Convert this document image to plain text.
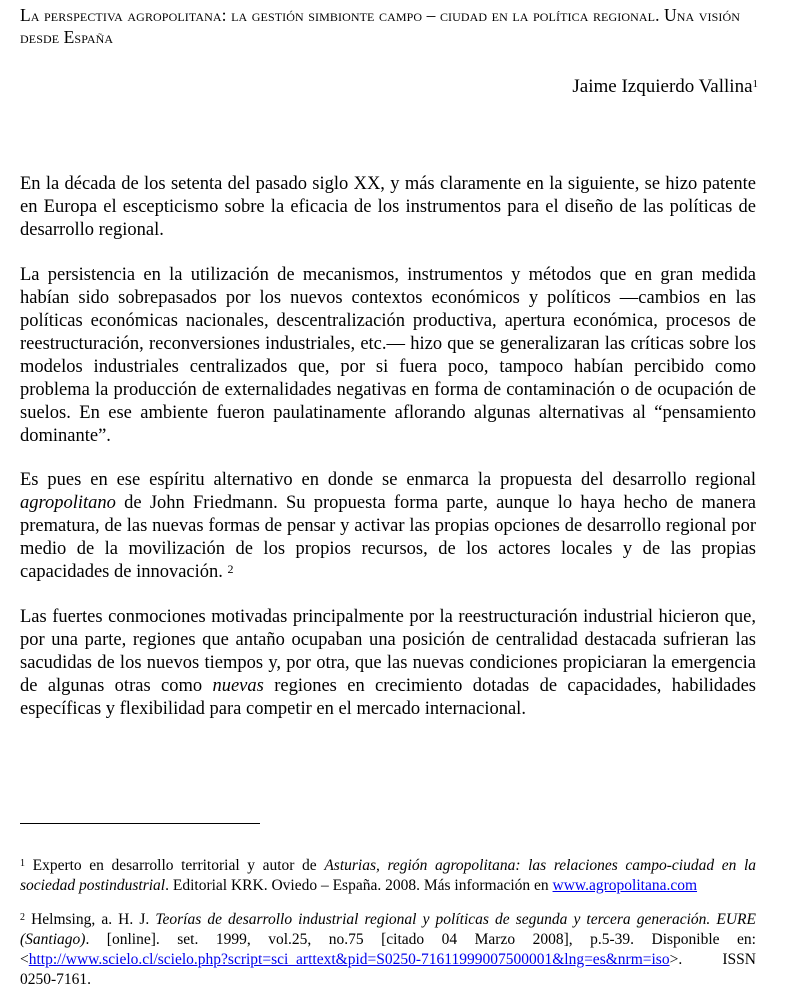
La perspectiva agropolitana: la gestión simbionte campo – ciudad en la política regional. Una visión desde España
Jaime Izquierdo Vallina$^1$

En la década de los setenta del pasado siglo XX, y más claramente en la siguiente, se hizo patente en Europa el escepticismo sobre la eficacia de los instrumentos para el diseño de las políticas de desarrollo regional.

La persistencia en la utilización de mecanismos, instrumentos y métodos que en gran medida habían sido sobrepasados por los nuevos contextos económicos y políticos —cambios en las políticas económicas nacionales, descentralización productiva, apertura económica, procesos de reestructuración, reconversiones industriales, etc.— hizo que se generalizaran las críticas sobre los modelos industriales centralizados que, por si fuera poco, tampoco habían percibido como problema la producción de externalidades negativas en forma de contaminación o de ocupación de suelos. En ese ambiente fueron paulatinamente aflorando algunas alternativas al “pensamiento dominante”.

Es pues en ese espíritu alternativo en donde se enmarca la propuesta del desarrollo regional agropolitano de John Friedmann. Su propuesta forma parte, aunque lo haya hecho de manera prematura, de las nuevas formas de pensar y activar las propias opciones de desarrollo regional por medio de la movilización de los propios recursos, de los actores locales y de las propias capacidades de innovación. $^2$

Las fuertes conmociones motivadas principalmente por la reestructuración industrial hicieron que, por una parte, regiones que antaño ocupaban una posición de centralidad destacada sufrieran las sacudidas de los nuevos tiempos y, por otra, que las nuevas condiciones propiciaran la emergencia de algunas otras como nuevas regiones en crecimiento dotadas de capacidades, habilidades específicas y flexibilidad para competir en el mercado internacional.

$^1$ Experto en desarrollo territorial y autor de Asturias, región agropolitana: las relaciones campo-ciudad en la sociedad postindustrial. Editorial KRK. Oviedo – España. 2008. Más información en www.agropolitana.com

$^2$ Helmsing, a. H. J. Teorías de desarrollo industrial regional y políticas de segunda y tercera generación. EURE (Santiago). [online]. set. 1999, vol.25, no.75 [citado 04 Marzo 2008], p.5-39. Disponible en: <http://www.scielo.cl/scielo.php?script=sci_arttext&pid=S0250-71611999007500001&lng=es&nrm=iso>. ISSN 0250-7161.
